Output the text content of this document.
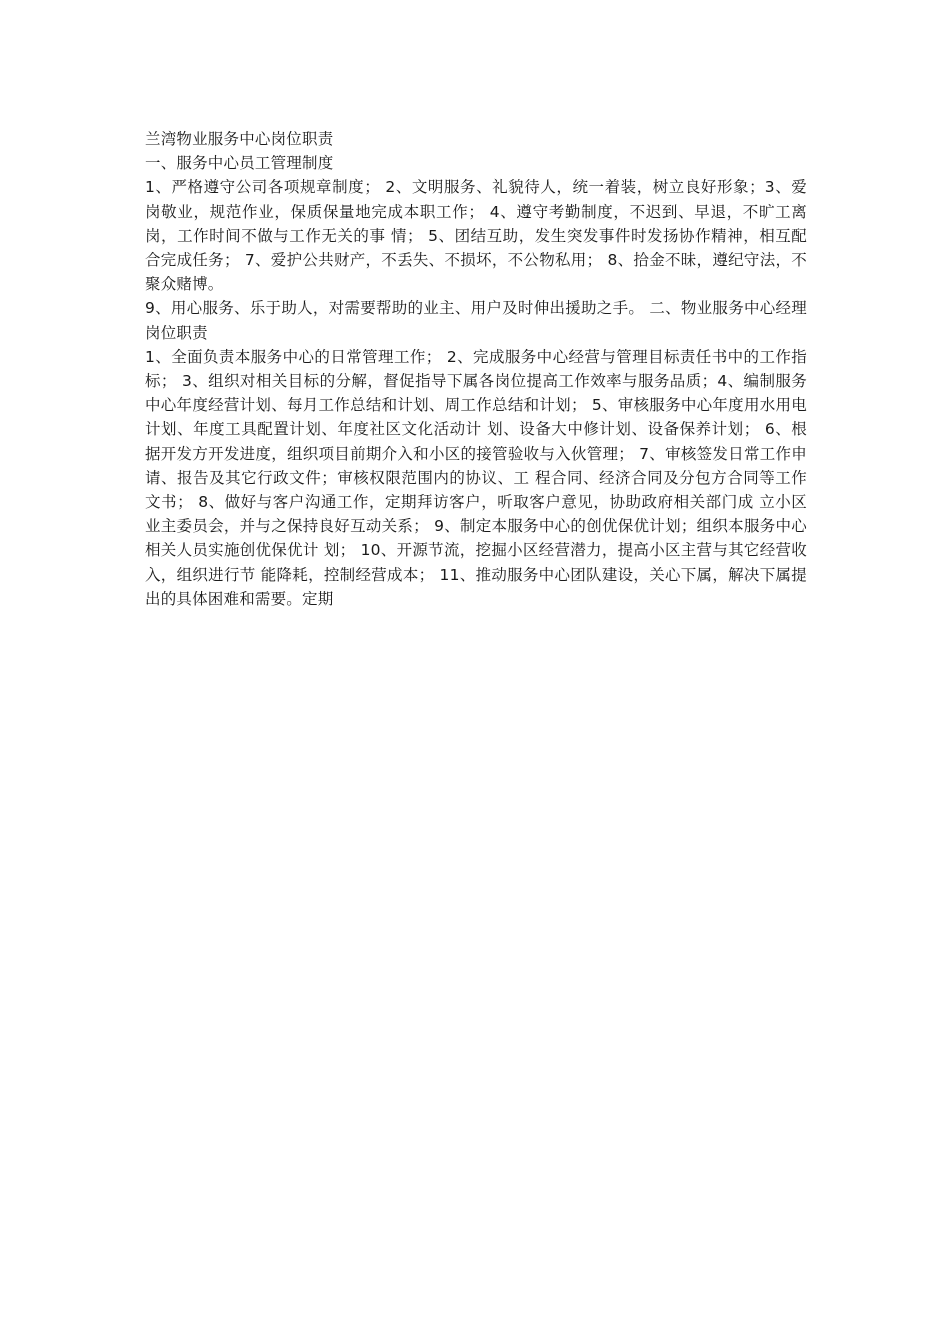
兰湾物业服务中心岗位职责

一、服务中心员工管理制度

1、严格遵守公司各项规章制度； 2、文明服务、礼貌待人，统一着装，树立良好形象；3、爱岗敬业，规范作业，保质保量地完成本职工作； 4、遵守考勤制度，不迟到、早退，不旷工离岗，工作时间不做与工作无关的事 情； 5、团结互助，发生突发事件时发扬协作精神，相互配合完成任务； 7、爱护公共财产，不丢失、不损坏，不公物私用； 8、拾金不昧，遵纪守法，不聚众赌博。

9、用心服务、乐于助人，对需要帮助的业主、用户及时伸出援助之手。 二、物业服务中心经理岗位职责

1、全面负责本服务中心的日常管理工作； 2、完成服务中心经营与管理目标责任书中的工作指标； 3、组织对相关目标的分解，督促指导下属各岗位提高工作效率与服务品质；4、编制服务中心年度经营计划、每月工作总结和计划、周工作总结和计划； 5、审核服务中心年度用水用电计划、年度工具配置计划、年度社区文化活动计 划、设备大中修计划、设备保养计划； 6、根据开发方开发进度，组织项目前期介入和小区的接管验收与入伙管理； 7、审核签发日常工作申请、报告及其它行政文件；审核权限范围内的协议、工 程合同、经济合同及分包方合同等工作文书； 8、做好与客户沟通工作，定期拜访客户，听取客户意见，协助政府相关部门成 立小区业主委员会，并与之保持良好互动关系； 9、制定本服务中心的创优保优计划；组织本服务中心相关人员实施创优保优计 划； 10、开源节流，挖掘小区经营潜力，提高小区主营与其它经营收入，组织进行节 能降耗，控制经营成本； 11、推动服务中心团队建设，关心下属，解决下属提出的具体困难和需要。定期
